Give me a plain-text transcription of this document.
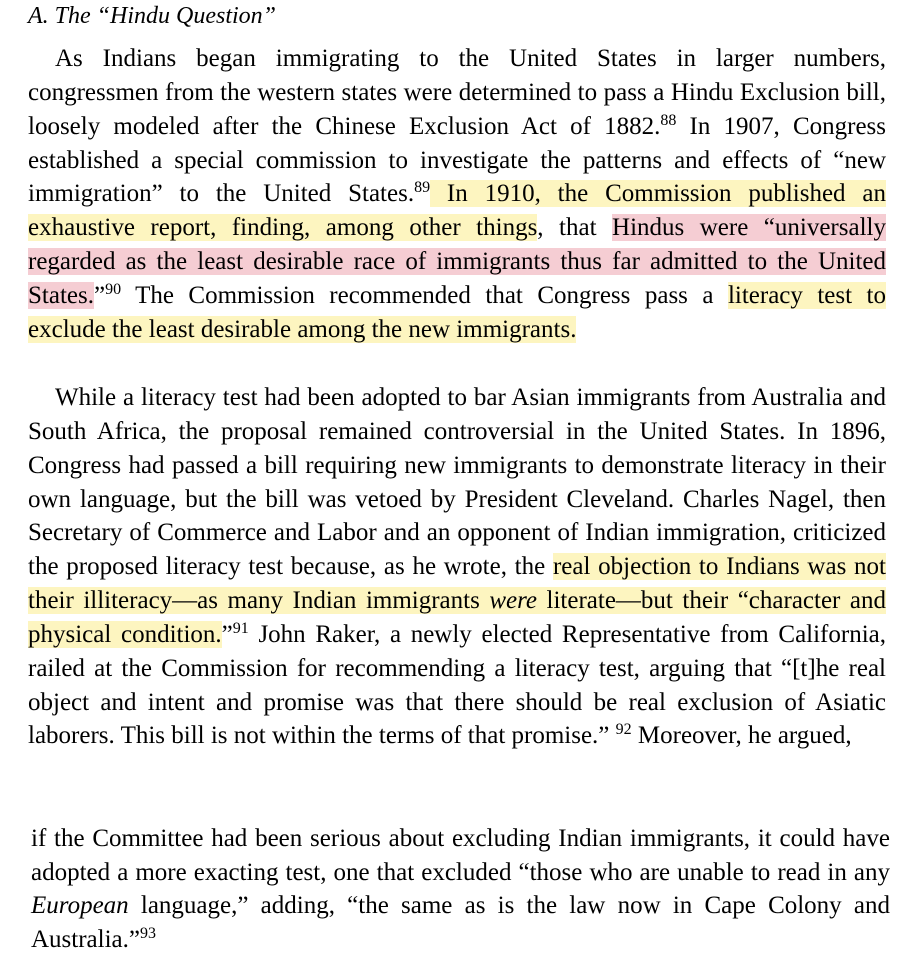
A. The “Hindu Question”

As Indians began immigrating to the United States in larger numbers, congressmen from the western states were determined to pass a Hindu Exclusion bill, loosely modeled after the Chinese Exclusion Act of 1882.88 In 1907, Congress established a special commission to investigate the patterns and effects of “new immigration” to the United States.$^{89}$ In 1910, the Commission published an exhaustive report, finding, among other things, that Hindus were “universally regarded as the least desirable race of immigrants thus far admitted to the United States.”$^{90}$ The Commission recommended that Congress pass a literacy test to exclude the least desirable among the new immigrants.

While a literacy test had been adopted to bar Asian immigrants from Australia and South Africa, the proposal remained controversial in the United States. In 1896, Congress had passed a bill requiring new immigrants to demonstrate literacy in their own language, but the bill was vetoed by President Cleveland. Charles Nagel, then Secretary of Commerce and Labor and an opponent of Indian immigration, criticized the proposed literacy test because, as he wrote, the real objection to Indians was not their illiteracy—as many Indian immigrants were literate—but their “character and physical condition.”$^{91}$ John Raker, a newly elected Representative from California, railed at the Commission for recommending a literacy test, arguing that “[t]he real object and intent and promise was that there should be real exclusion of Asiatic laborers. This bill is not within the terms of that promise.” $^{92}$ Moreover, he argued,

if the Committee had been serious about excluding Indian immigrants, it could have adopted a more exacting test, one that excluded “those who are unable to read in any European language,” adding, “the same as is the law now in Cape Colony and Australia.”$^{93}$
